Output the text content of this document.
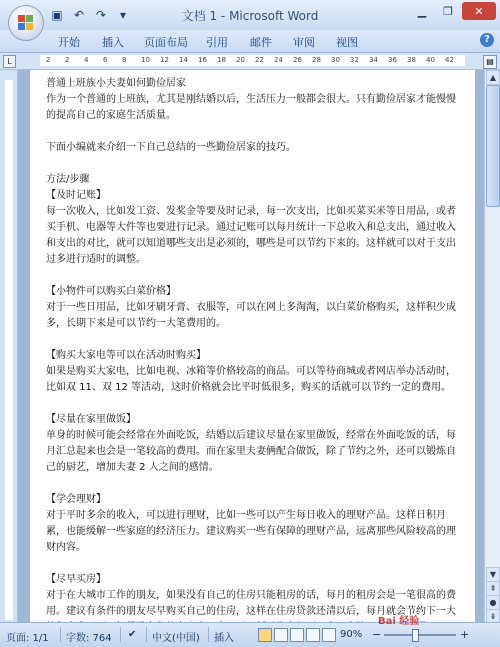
▣ ↶ ↷	▾	文档 1 - Microsoft Word	▁	❐	✕
开始 插入 页面布局 引用 邮件 审阅 视图	?
L	2 2 4 6 8 10 12 14 16 18 20 22 24 26 28 30 32 34 36 38 40 42	▤

普通上班族小夫妻如何勤俭居家

作为一个普通的上班族，尤其是刚结婚以后，生活压力一般都会很大。只有勤俭居家才能慢慢的提高自己的家庭生活质量。

下面小编就来介绍一下自己总结的一些勤俭居家的技巧。

方法/步骤

【及时记账】

每一次收入，比如发工资、发奖金等要及时记录，每一次支出，比如买菜买米等日用品，或者买手机、电器等大件等也要进行记录。通过记账可以每月统计一下总收入和总支出，通过收入和支出的对比，就可以知道哪些支出是必须的，哪些是可以节约下来的。这样就可以对于支出过多进行适时的调整。

【小物件可以购买白菜价格】

对于一些日用品，比如牙刷牙膏、衣服等，可以在网上多淘淘，以白菜价格购买，这样积少成多，长期下来是可以节约一大笔费用的。

【购买大家电等可以在活动时购买】

如果是购买大家电，比如电视、冰箱等价格较高的商品。可以等待商城或者网店举办活动时，比如双 11、双 12 等活动，这时价格就会比平时低很多，购买的话就可以节约一定的费用。

【尽量在家里做饭】

单身的时候可能会经常在外面吃饭，结婚以后建议尽量在家里做饭，经常在外面吃饭的话，每月汇总起来也会是一笔较高的费用。而在家里夫妻俩配合做饭，除了节约之外，还可以锻炼自己的厨艺，增加夫妻 2 人之间的感情。

【学会理财】

对于平时多余的收入，可以进行理财，比如一些可以产生每日收入的理财产品。这样日积月累，也能缓解一些家庭的经济压力。建议购买一些有保障的理财产品，远离那些风险较高的理财内容。

【尽早买房】

对于在大城市工作的朋友，如果没有自己的住房只能租房的话，每月的租房会是一笔很高的费用。建议有条件的朋友尽早购买自己的住房，这样在住房贷款还清以后，每月就会节约下一大

▲
▼
⇞
●
⇟
页面: 1/1 字数: 764 ✔ 中文(中国) 插入	90% −	+
Bai 经验
